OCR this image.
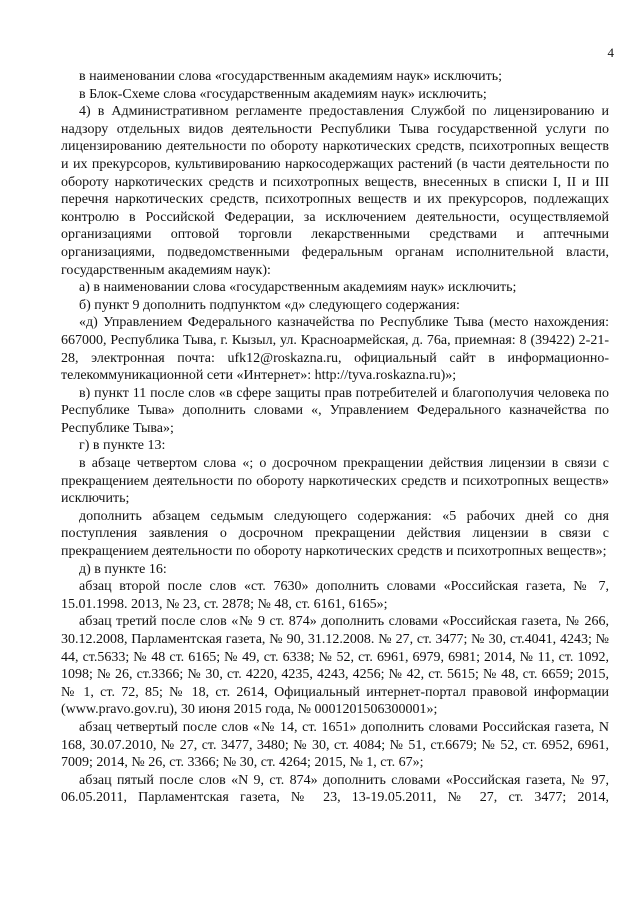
4

в наименовании слова «государственным академиям наук» исключить;

в Блок-Схеме слова «государственным академиям наук» исключить;

4) в Административном регламенте предоставления Службой по лицензированию и надзору отдельных видов деятельности Республики Тыва государственной услуги по лицензированию деятельности по обороту наркотических средств, психотропных веществ и их прекурсоров, культивированию наркосодержащих растений (в части деятельности по обороту наркотических средств и психотропных веществ, внесенных в списки I, II и III перечня наркотических средств, психотропных веществ и их прекурсоров, подлежащих контролю в Российской Федерации, за исключением деятельности, осуществляемой организациями оптовой торговли лекарственными средствами и аптечными организациями, подведомственными федеральным органам исполнительной власти, государственным академиям наук):

а) в наименовании слова «государственным академиям наук» исключить;

б) пункт 9 дополнить подпунктом «д» следующего содержания:

«д) Управлением Федерального казначейства по Республике Тыва (место нахождения: 667000, Республика Тыва, г. Кызыл, ул. Красноармейская, д. 76а, приемная: 8 (39422) 2-21-28, электронная почта: ufk12@roskazna.ru, официальный сайт в информационно-телекоммуникационной сети «Интернет»: http://tyva.roskazna.ru)»;

в) пункт 11 после слов «в сфере защиты прав потребителей и благополучия человека по Республике Тыва» дополнить словами «, Управлением Федерального казначейства по Республике Тыва»;

г) в пункте 13:

в абзаце четвертом слова «; о досрочном прекращении действия лицензии в связи с прекращением деятельности по обороту наркотических средств и психотропных веществ» исключить;

дополнить абзацем седьмым следующего содержания: «5 рабочих дней со дня поступления заявления о досрочном прекращении действия лицензии в связи с прекращением деятельности по обороту наркотических средств и психотропных веществ»;

д) в пункте 16:

абзац второй после слов «ст. 7630» дополнить словами «Российская газета, № 7, 15.01.1998. 2013, № 23, ст. 2878; № 48, ст. 6161, 6165»;

абзац третий после слов «№ 9 ст. 874» дополнить словами «Российская газета, № 266, 30.12.2008, Парламентская газета, № 90, 31.12.2008. № 27, ст. 3477; № 30, ст.4041, 4243; № 44, ст.5633; № 48 ст. 6165; № 49, ст. 6338; № 52, ст. 6961, 6979, 6981; 2014, № 11, ст. 1092, 1098; № 26, ст.3366; № 30, ст. 4220, 4235, 4243, 4256; № 42, ст. 5615; № 48, ст. 6659; 2015, № 1, ст. 72, 85; № 18, ст. 2614, Официальный интернет-портал правовой информации (www.pravo.gov.ru), 30 июня 2015 года, № 0001201506300001»;

абзац четвертый после слов «№ 14, ст. 1651» дополнить словами Российская газета, N 168, 30.07.2010, № 27, ст. 3477, 3480; № 30, ст. 4084; № 51, ст.6679; № 52, ст. 6952, 6961, 7009; 2014, № 26, ст. 3366; № 30, ст. 4264; 2015, № 1, ст. 67»;

абзац пятый после слов «N 9, ст. 874» дополнить словами «Российская газета, № 97, 06.05.2011, Парламентская газета, № 23, 13-19.05.2011, № 27, ст. 3477; 2014,
